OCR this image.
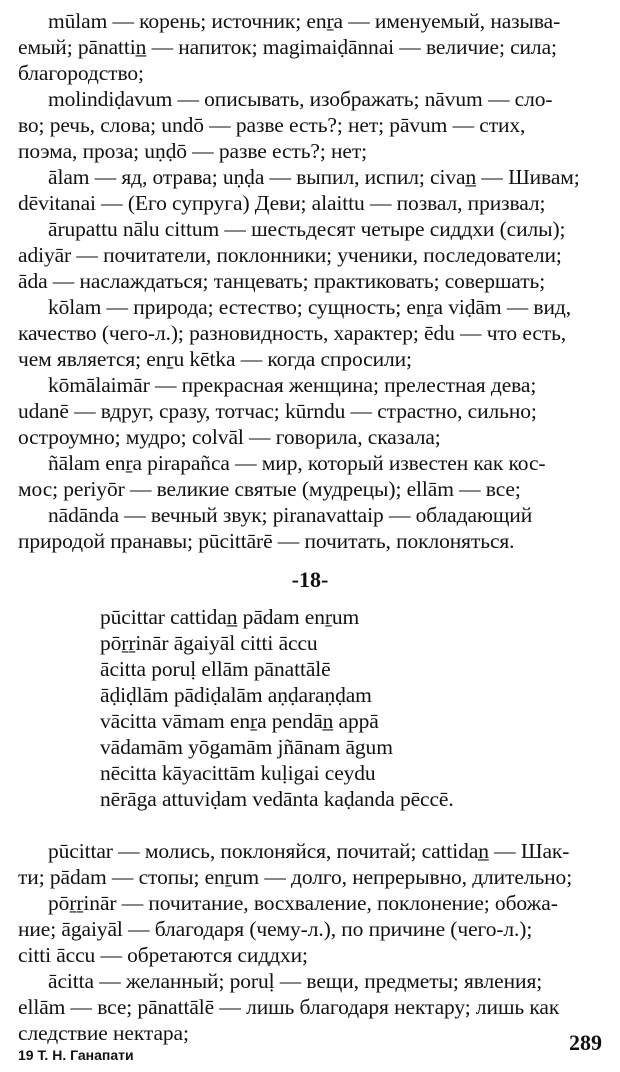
mūlam — корень; источник; enṟa — именуемый, называ-
емый; pānattin̲ — напиток; magimaiḍānnai — величие; сила;
благородство;
molindiḍavum — описывать, изображать; nāvum — сло-
во; речь, слова; undō — разве есть?; нет; pāvum — стих,
поэма, проза; uṇḍō — разве есть?; нет;
ālam — яд, отрава; uṇḍa — выпил, испил; civan̲ — Шивам;
dēvitanai — (Его супруга) Деви; alaittu — позвал, призвал;
ārupattu nālu cittum — шестьдесят четыре сиддхи (силы);
adiyār — почитатели, поклонники; ученики, последователи;
āda — наслаждаться; танцевать; практиковать; совершать;
kōlam — природа; естество; сущность; enṟa viḍām — вид,
качество (чего-л.); разновидность, характер; ēdu — что есть,
чем является; enṟu kētka — когда спросили;
kōmālaimār — прекрасная женщина; прелестная дева;
udanē — вдруг, сразу, тотчас; kūrndu — страстно, сильно;
остроумно; мудро; colvāl — говорила, сказала;
ñālam enṟa pirapañca — мир, который известен как кос-
мос; periyōr — великие святые (мудрецы); ellām — все;
nādānda — вечный звук; piranavattaip — обладающий
природой пранавы; pūcittārē — почитать, поклоняться.
-18-
pūcittar cattidan̲ pādam enṟum
pōṟṟinār āgaiyāl citti āccu
ācitta poruḷ ellām pānattālē
āḍiḍlām pādiḍalām aṇḍaraṇḍam
vācitta vāmam enṟa pendān̲ appā
vādamām yōgamām jñānam āgum
nēcitta kāyacittām kuḷigai ceydu
nērāga attuviḍam vedānta kaḍanda pēccē.
pūcittar — молись, поклоняйся, почитай; cattidan̲ — Шак-
ти; pādam — стопы; enṟum — долго, непрерывно, длительно;
pōṟṟinār — почитание, восхваление, поклонение; обожа-
ние; āgaiyāl — благодаря (чему-л.), по причине (чего-л.);
citti āccu — обретаются сиддхи;
ācitta — желанный; poruḷ — вещи, предметы; явления;
ellām — все; pānattālē — лишь благодаря нектару; лишь как
следствие нектара;	289
19 Т. Н. Ганапати
